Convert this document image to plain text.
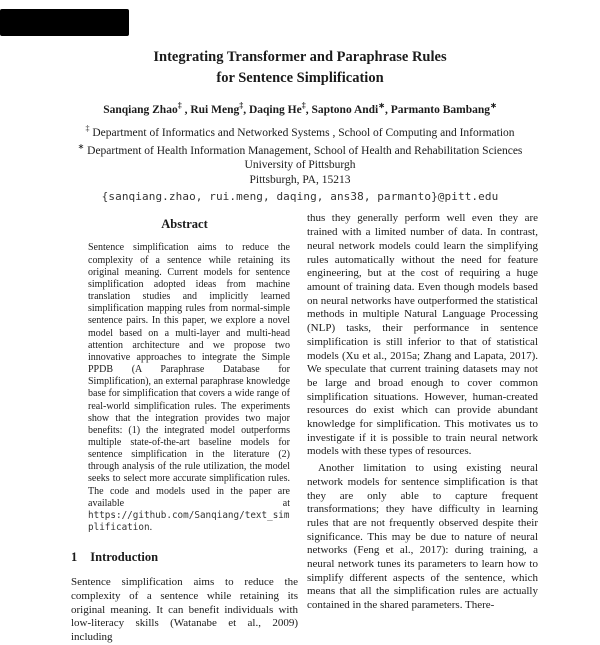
Integrating Transformer and Paraphrase Rules
for Sentence Simplification
Sanqiang Zhao‡ , Rui Meng‡, Daqing He‡, Saptono Andi∗, Parmanto Bambang∗
‡ Department of Informatics and Networked Systems , School of Computing and Information
∗ Department of Health Information Management, School of Health and Rehabilitation Sciences
University of Pittsburgh
Pittsburgh, PA, 15213
{sanqiang.zhao, rui.meng, daqing, ans38, parmanto}@pitt.edu
Abstract

Sentence simplification aims to reduce the complexity of a sentence while retaining its original meaning. Current models for sentence simplification adopted ideas from machine translation studies and implicitly learned simplification mapping rules from normal-simple sentence pairs. In this paper, we explore a novel model based on a multi-layer and multi-head attention architecture and we propose two innovative approaches to integrate the Simple PPDB (A Paraphrase Database for Simplification), an external paraphrase knowledge base for simplification that covers a wide range of real-world simplification rules. The experiments show that the integration provides two major benefits: (1) the integrated model outperforms multiple state-of-the-art baseline models for sentence simplification in the literature (2) through analysis of the rule utilization, the model seeks to select more accurate simplification rules. The code and models used in the paper are available at https://github.com/Sanqiang/text_simplification.

1 Introduction

Sentence simplification aims to reduce the complexity of a sentence while retaining its original meaning. It can benefit individuals with low-literacy skills (Watanabe et al., 2009) including

thus they generally perform well even they are trained with a limited number of data. In contrast, neural network models could learn the simplifying rules automatically without the need for feature engineering, but at the cost of requiring a huge amount of training data. Even though models based on neural networks have outperformed the statistical methods in multiple Natural Language Processing (NLP) tasks, their performance in sentence simplification is still inferior to that of statistical models (Xu et al., 2015a; Zhang and Lapata, 2017). We speculate that current training datasets may not be large and broad enough to cover common simplification situations. However, human-created resources do exist which can provide abundant knowledge for simplification. This motivates us to investigate if it is possible to train neural network models with these types of resources.

Another limitation to using existing neural network models for sentence simplification is that they are only able to capture frequent transformations; they have difficulty in learning rules that are not frequently observed despite their significance. This may be due to nature of neural networks (Feng et al., 2017): during training, a neural network tunes its parameters to learn how to simplify different aspects of the sentence, which means that all the simplification rules are actually contained in the shared parameters. There-
